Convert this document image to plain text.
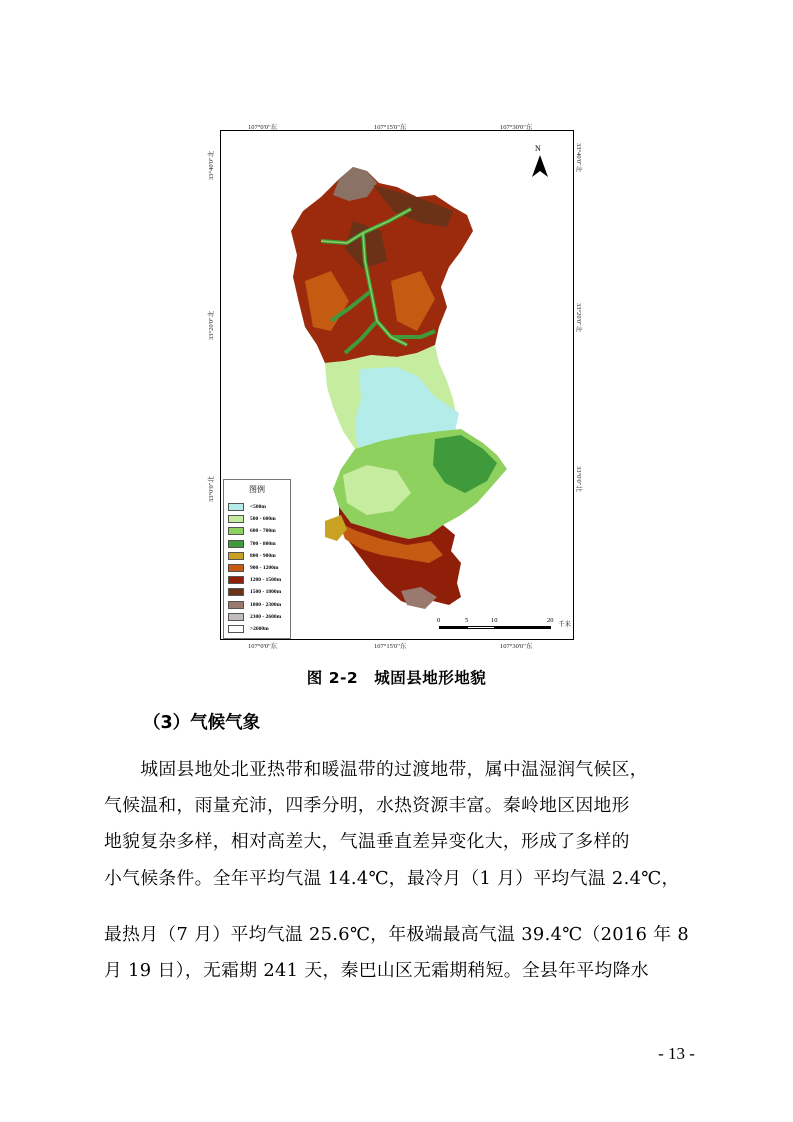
107°0'0"东	107°15'0"东	107°30'0"东
107°0'0"东	107°15'0"东	107°30'0"东
33°40'0"北
33°20'0"北
33°0'0"北
33°40'0"北
33°20'0"北
33°0'0"北
N
图例
<500m
500 - 600m
600 - 700m
700 - 800m
800 - 900m
900 - 1200m
1200 - 1500m
1500 - 1800m
1800 - 2300m
2300 - 2600m
>2600m
0	5	10	20 千米
图 2-2　城固县地形地貌
（3）气候气象
　　城固县地处北亚热带和暖温带的过渡地带，属中温湿润气候区，
气候温和，雨量充沛，四季分明，水热资源丰富。秦岭地区因地形
地貌复杂多样，相对高差大，气温垂直差异变化大，形成了多样的
小气候条件。全年平均气温 14.4℃，最冷月（1 月）平均气温 2.4℃，
最热月（7 月）平均气温 25.6℃，年极端最高气温 39.4℃（2016 年 8
月 19 日），无霜期 241 天，秦巴山区无霜期稍短。全县年平均降水
- 13 -
